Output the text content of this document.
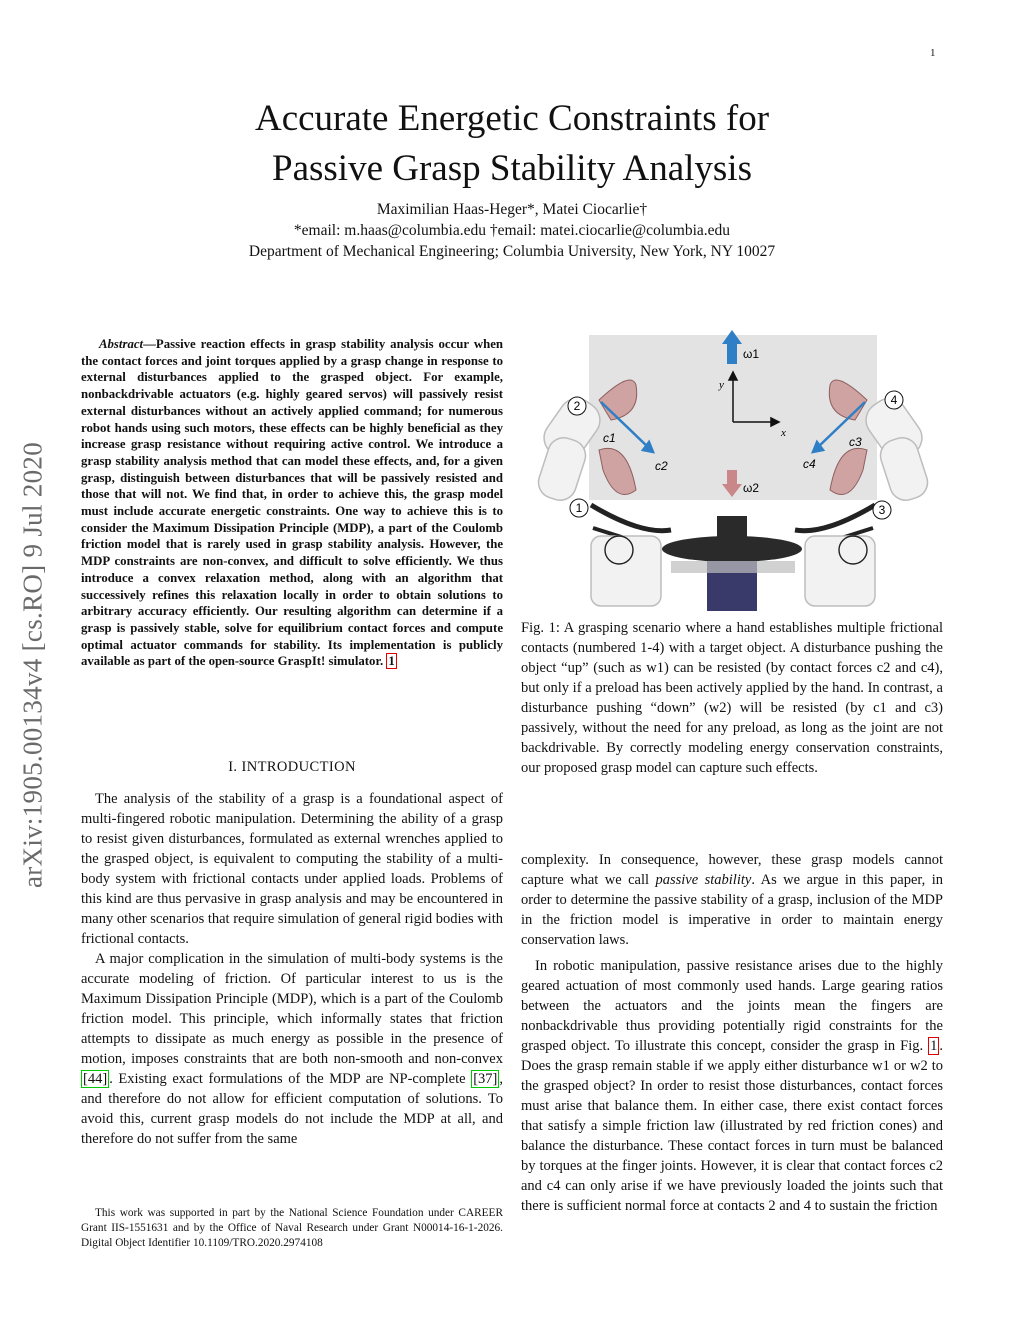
1
arXiv:1905.00134v4 [cs.RO] 9 Jul 2020
Accurate Energetic Constraints for
Passive Grasp Stability Analysis
Maximilian Haas-Heger*, Matei Ciocarlie†
*email: m.haas@columbia.edu †email: matei.ciocarlie@columbia.edu
Department of Mechanical Engineering; Columbia University, New York, NY 10027

Abstract—Passive reaction effects in grasp stability analysis occur when the contact forces and joint torques applied by a grasp change in response to external disturbances applied to the grasped object. For example, nonbackdrivable actuators (e.g. highly geared servos) will passively resist external disturbances without an actively applied command; for numerous robot hands using such motors, these effects can be highly beneficial as they increase grasp resistance without requiring active control. We introduce a grasp stability analysis method that can model these effects, and, for a given grasp, distinguish between disturbances that will be passively resisted and those that will not. We find that, in order to achieve this, the grasp model must include accurate energetic constraints. One way to achieve this is to consider the Maximum Dissipation Principle (MDP), a part of the Coulomb friction model that is rarely used in grasp stability analysis. However, the MDP constraints are non-convex, and difficult to solve efficiently. We thus introduce a convex relaxation method, along with an algorithm that successively refines this relaxation locally in order to obtain solutions to arbitrary accuracy efficiently. Our resulting algorithm can determine if a grasp is passively stable, solve for equilibrium contact forces and compute optimal actuator commands for stability. Its implementation is publicly available as part of the open-source GraspIt! simulator. 1

I. INTRODUCTION

The analysis of the stability of a grasp is a foundational aspect of multi-fingered robotic manipulation. Determining the ability of a grasp to resist given disturbances, formulated as external wrenches applied to the grasped object, is equivalent to computing the stability of a multi-body system with frictional contacts under applied loads. Problems of this kind are thus pervasive in grasp analysis and may be encountered in many other scenarios that require simulation of general rigid bodies with frictional contacts.

A major complication in the simulation of multi-body systems is the accurate modeling of friction. Of particular interest to us is the Maximum Dissipation Principle (MDP), which is a part of the Coulomb friction model. This principle, which informally states that friction attempts to dissipate as much energy as possible in the presence of motion, imposes constraints that are both non-smooth and non-convex [44] . Existing exact formulations of the MDP are NP-complete [37] , and therefore do not allow for efficient computation of solutions. To avoid this, current grasp models do not include the MDP at all, and therefore do not suffer from the same

This work was supported in part by the National Science Foundation under CAREER Grant IIS-1551631 and by the Office of Naval Research under Grant N00014-16-1-2026. Digital Object Identifier 10.1109/TRO.2020.2974108

y
x
ω1
ω2
c1
c2
c3
c4
2
1	3
4

Fig. 1: A grasping scenario where a hand establishes multiple frictional contacts (numbered 1-4) with a target object. A disturbance pushing the object “up” (such as w1) can be resisted (by contact forces c2 and c4), but only if a preload has been actively applied by the hand. In contrast, a disturbance pushing “down” (w2) will be resisted (by c1 and c3) passively, without the need for any preload, as long as the joint are not backdrivable. By correctly modeling energy conservation constraints, our proposed grasp model can capture such effects.

complexity. In consequence, however, these grasp models cannot capture what we call passive stability. As we argue in this paper, in order to determine the passive stability of a grasp, inclusion of the MDP in the friction model is imperative in order to maintain energy conservation laws.

In robotic manipulation, passive resistance arises due to the highly geared actuation of most commonly used hands. Large gearing ratios between the actuators and the joints mean the fingers are nonbackdrivable thus providing potentially rigid constraints for the grasped object. To illustrate this concept, consider the grasp in Fig. 1 . Does the grasp remain stable if we apply either disturbance w1 or w2 to the grasped object? In order to resist those disturbances, contact forces must arise that balance them. In either case, there exist contact forces that satisfy a simple friction law (illustrated by red friction cones) and balance the disturbance. These contact forces in turn must be balanced by torques at the finger joints. However, it is clear that contact forces c2 and c4 can only arise if we have previously loaded the joints such that there is sufficient normal force at contacts 2 and 4 to sustain the friction
